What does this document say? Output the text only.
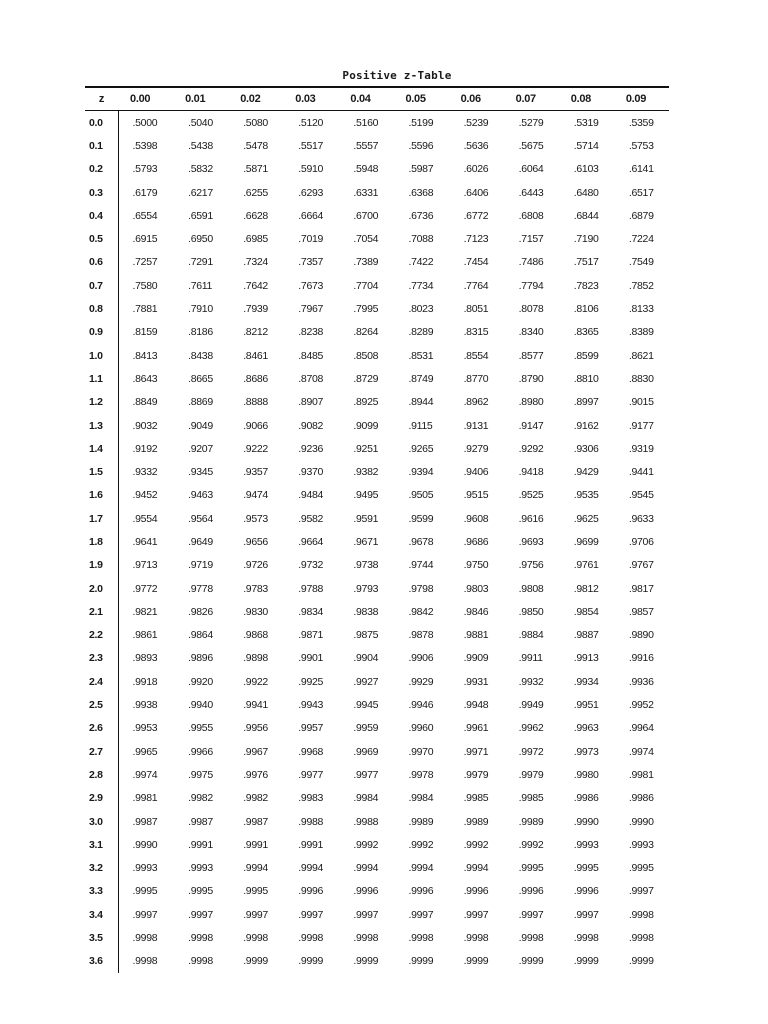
Positive z-Table
z	0.00	0.01	0.02	0.03	0.04	0.05	0.06	0.07	0.08	0.09
0.0	.5000	.5040	.5080	.5120	.5160	.5199	.5239	.5279	.5319	.5359
0.1	.5398	.5438	.5478	.5517	.5557	.5596	.5636	.5675	.5714	.5753
0.2	.5793	.5832	.5871	.5910	.5948	.5987	.6026	.6064	.6103	.6141
0.3	.6179	.6217	.6255	.6293	.6331	.6368	.6406	.6443	.6480	.6517
0.4	.6554	.6591	.6628	.6664	.6700	.6736	.6772	.6808	.6844	.6879
0.5	.6915	.6950	.6985	.7019	.7054	.7088	.7123	.7157	.7190	.7224
0.6	.7257	.7291	.7324	.7357	.7389	.7422	.7454	.7486	.7517	.7549
0.7	.7580	.7611	.7642	.7673	.7704	.7734	.7764	.7794	.7823	.7852
0.8	.7881	.7910	.7939	.7967	.7995	.8023	.8051	.8078	.8106	.8133
0.9	.8159	.8186	.8212	.8238	.8264	.8289	.8315	.8340	.8365	.8389
1.0	.8413	.8438	.8461	.8485	.8508	.8531	.8554	.8577	.8599	.8621
1.1	.8643	.8665	.8686	.8708	.8729	.8749	.8770	.8790	.8810	.8830
1.2	.8849	.8869	.8888	.8907	.8925	.8944	.8962	.8980	.8997	.9015
1.3	.9032	.9049	.9066	.9082	.9099	.9115	.9131	.9147	.9162	.9177
1.4	.9192	.9207	.9222	.9236	.9251	.9265	.9279	.9292	.9306	.9319
1.5	.9332	.9345	.9357	.9370	.9382	.9394	.9406	.9418	.9429	.9441
1.6	.9452	.9463	.9474	.9484	.9495	.9505	.9515	.9525	.9535	.9545
1.7	.9554	.9564	.9573	.9582	.9591	.9599	.9608	.9616	.9625	.9633
1.8	.9641	.9649	.9656	.9664	.9671	.9678	.9686	.9693	.9699	.9706
1.9	.9713	.9719	.9726	.9732	.9738	.9744	.9750	.9756	.9761	.9767
2.0	.9772	.9778	.9783	.9788	.9793	.9798	.9803	.9808	.9812	.9817
2.1	.9821	.9826	.9830	.9834	.9838	.9842	.9846	.9850	.9854	.9857
2.2	.9861	.9864	.9868	.9871	.9875	.9878	.9881	.9884	.9887	.9890
2.3	.9893	.9896	.9898	.9901	.9904	.9906	.9909	.9911	.9913	.9916
2.4	.9918	.9920	.9922	.9925	.9927	.9929	.9931	.9932	.9934	.9936
2.5	.9938	.9940	.9941	.9943	.9945	.9946	.9948	.9949	.9951	.9952
2.6	.9953	.9955	.9956	.9957	.9959	.9960	.9961	.9962	.9963	.9964
2.7	.9965	.9966	.9967	.9968	.9969	.9970	.9971	.9972	.9973	.9974
2.8	.9974	.9975	.9976	.9977	.9977	.9978	.9979	.9979	.9980	.9981
2.9	.9981	.9982	.9982	.9983	.9984	.9984	.9985	.9985	.9986	.9986
3.0	.9987	.9987	.9987	.9988	.9988	.9989	.9989	.9989	.9990	.9990
3.1	.9990	.9991	.9991	.9991	.9992	.9992	.9992	.9992	.9993	.9993
3.2	.9993	.9993	.9994	.9994	.9994	.9994	.9994	.9995	.9995	.9995
3.3	.9995	.9995	.9995	.9996	.9996	.9996	.9996	.9996	.9996	.9997
3.4	.9997	.9997	.9997	.9997	.9997	.9997	.9997	.9997	.9997	.9998
3.5	.9998	.9998	.9998	.9998	.9998	.9998	.9998	.9998	.9998	.9998
3.6	.9998	.9998	.9999	.9999	.9999	.9999	.9999	.9999	.9999	.9999
